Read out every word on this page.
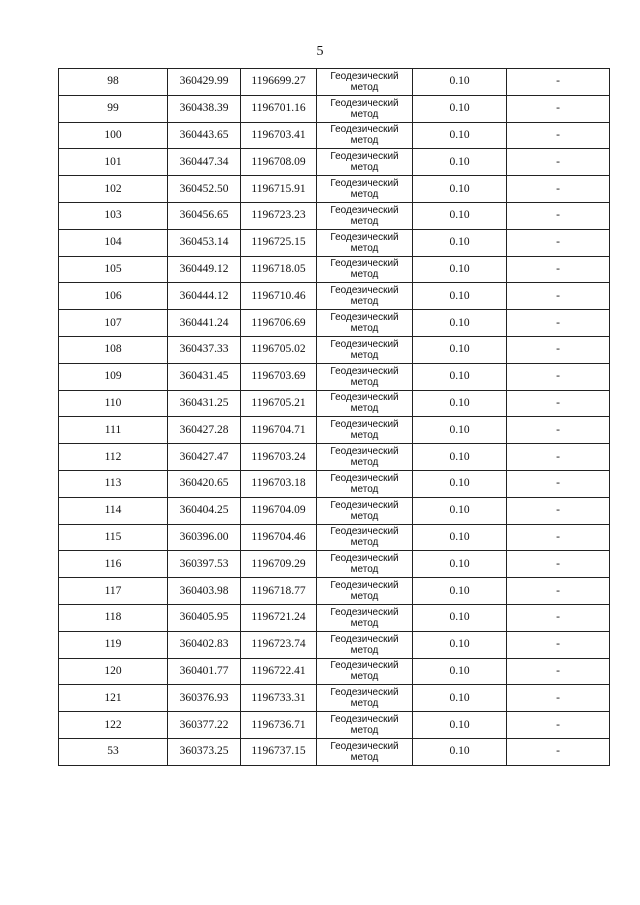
5
98	360429.99	1196699.27	Геодезический метод	0.10	-
99	360438.39	1196701.16	Геодезический метод	0.10	-
100	360443.65	1196703.41	Геодезический метод	0.10	-
101	360447.34	1196708.09	Геодезический метод	0.10	-
102	360452.50	1196715.91	Геодезический метод	0.10	-
103	360456.65	1196723.23	Геодезический метод	0.10	-
104	360453.14	1196725.15	Геодезический метод	0.10	-
105	360449.12	1196718.05	Геодезический метод	0.10	-
106	360444.12	1196710.46	Геодезический метод	0.10	-
107	360441.24	1196706.69	Геодезический метод	0.10	-
108	360437.33	1196705.02	Геодезический метод	0.10	-
109	360431.45	1196703.69	Геодезический метод	0.10	-
110	360431.25	1196705.21	Геодезический метод	0.10	-
111	360427.28	1196704.71	Геодезический метод	0.10	-
112	360427.47	1196703.24	Геодезический метод	0.10	-
113	360420.65	1196703.18	Геодезический метод	0.10	-
114	360404.25	1196704.09	Геодезический метод	0.10	-
115	360396.00	1196704.46	Геодезический метод	0.10	-
116	360397.53	1196709.29	Геодезический метод	0.10	-
117	360403.98	1196718.77	Геодезический метод	0.10	-
118	360405.95	1196721.24	Геодезический метод	0.10	-
119	360402.83	1196723.74	Геодезический метод	0.10	-
120	360401.77	1196722.41	Геодезический метод	0.10	-
121	360376.93	1196733.31	Геодезический метод	0.10	-
122	360377.22	1196736.71	Геодезический метод	0.10	-
53	360373.25	1196737.15	Геодезический метод	0.10	-
